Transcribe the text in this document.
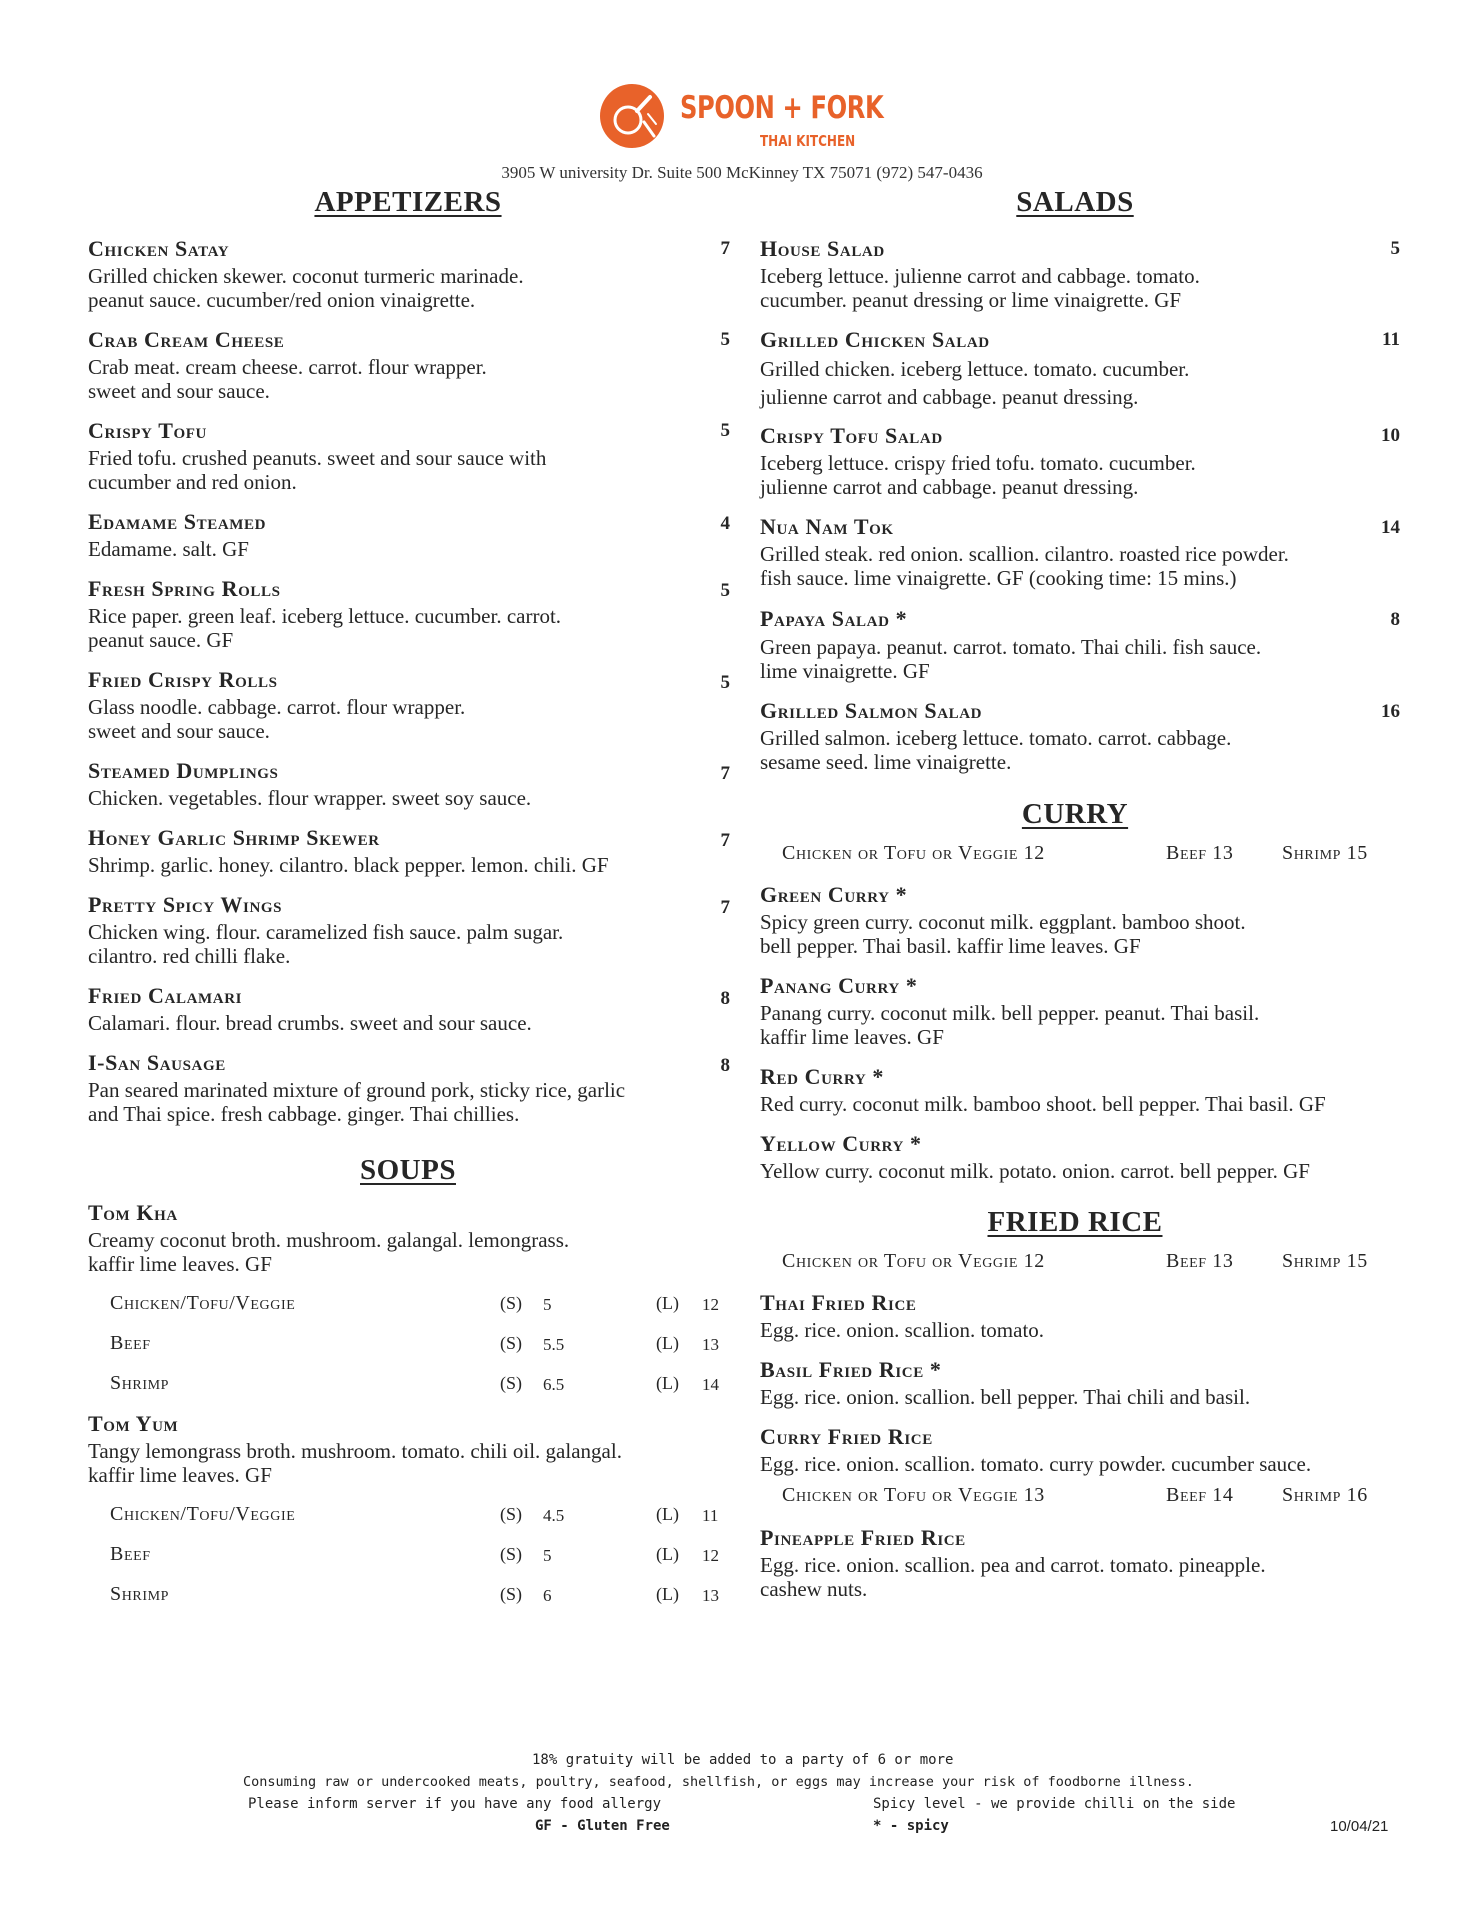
SPOON + FORK
THAI KITCHEN
3905 W university Dr. Suite 500 McKinney TX 75071 (972) 547-0436
APPETIZERS	SALADS
SOUPS
CURRY
FRIED RICE
Chicken Satay	7
Grilled chicken skewer. coconut turmeric marinade.
peanut sauce. cucumber/red onion vinaigrette.
Crab Cream Cheese	5
Crab meat. cream cheese. carrot. flour wrapper.
sweet and sour sauce.
Crispy Tofu	5
Fried tofu. crushed peanuts. sweet and sour sauce with
cucumber and red onion.
Edamame Steamed	4
Edamame. salt. GF
Fresh Spring Rolls	5
Rice paper. green leaf. iceberg lettuce. cucumber. carrot.
peanut sauce. GF
Fried Crispy Rolls	5
Glass noodle. cabbage. carrot. flour wrapper.
sweet and sour sauce.
Steamed Dumplings	7
Chicken. vegetables. flour wrapper. sweet soy sauce.
Honey Garlic Shrimp Skewer	7
Shrimp. garlic. honey. cilantro. black pepper. lemon. chili. GF
Pretty Spicy Wings	7
Chicken wing. flour. caramelized fish sauce. palm sugar.
cilantro. red chilli flake.
Fried Calamari	8
Calamari. flour. bread crumbs. sweet and sour sauce.
I-San Sausage	8
Pan seared marinated mixture of ground pork, sticky rice, garlic
and Thai spice. fresh cabbage. ginger. Thai chillies.
Tom Kha
Creamy coconut broth. mushroom. galangal. lemongrass.
kaffir lime leaves. GF
Chicken/Tofu/Veggie	(S) 5	(L) 12
Beef	(S) 5.5	(L) 13
Shrimp	(S) 6.5	(L) 14
Tom Yum
Tangy lemongrass broth. mushroom. tomato. chili oil. galangal.
kaffir lime leaves. GF
Chicken/Tofu/Veggie	(S) 4.5	(L) 11
Beef	(S) 5	(L) 12
Shrimp	(S) 6	(L) 13
House Salad	5
Iceberg lettuce. julienne carrot and cabbage. tomato.
cucumber. peanut dressing or lime vinaigrette. GF
Grilled Chicken Salad	11
Grilled chicken. iceberg lettuce. tomato. cucumber.
julienne carrot and cabbage. peanut dressing.
Crispy Tofu Salad	10
Iceberg lettuce. crispy fried tofu. tomato. cucumber.
julienne carrot and cabbage. peanut dressing.
Nua Nam Tok	14
Grilled steak. red onion. scallion. cilantro. roasted rice powder.
fish sauce. lime vinaigrette. GF (cooking time: 15 mins.)
Papaya Salad *	8
Green papaya. peanut. carrot. tomato. Thai chili. fish sauce.
lime vinaigrette. GF
Grilled Salmon Salad	16
Grilled salmon. iceberg lettuce. tomato. carrot. cabbage.
sesame seed. lime vinaigrette.
Chicken or Tofu or Veggie 12	Beef 13 Shrimp 15
Green Curry *
Spicy green curry. coconut milk. eggplant. bamboo shoot.
bell pepper. Thai basil. kaffir lime leaves. GF
Panang Curry *
Panang curry. coconut milk. bell pepper. peanut. Thai basil.
kaffir lime leaves. GF
Red Curry *
Red curry. coconut milk. bamboo shoot. bell pepper. Thai basil. GF
Yellow Curry *
Yellow curry. coconut milk. potato. onion. carrot. bell pepper. GF
Chicken or Tofu or Veggie 12	Beef 13 Shrimp 15
Thai Fried Rice
Egg. rice. onion. scallion. tomato.
Basil Fried Rice *
Egg. rice. onion. scallion. bell pepper. Thai chili and basil.
Curry Fried Rice
Egg. rice. onion. scallion. tomato. curry powder. cucumber sauce.
Chicken or Tofu or Veggie 13	Beef 14 Shrimp 16
Pineapple Fried Rice
Egg. rice. onion. scallion. pea and carrot. tomato. pineapple.
cashew nuts.
18% gratuity will be added to a party of 6 or more
Consuming raw or undercooked meats, poultry, seafood, shellfish, or eggs may increase your risk of foodborne illness.
Please inform server if you have any food allergy	Spicy level - we provide chilli on the side
GF - Gluten Free	* - spicy	10/04/21
